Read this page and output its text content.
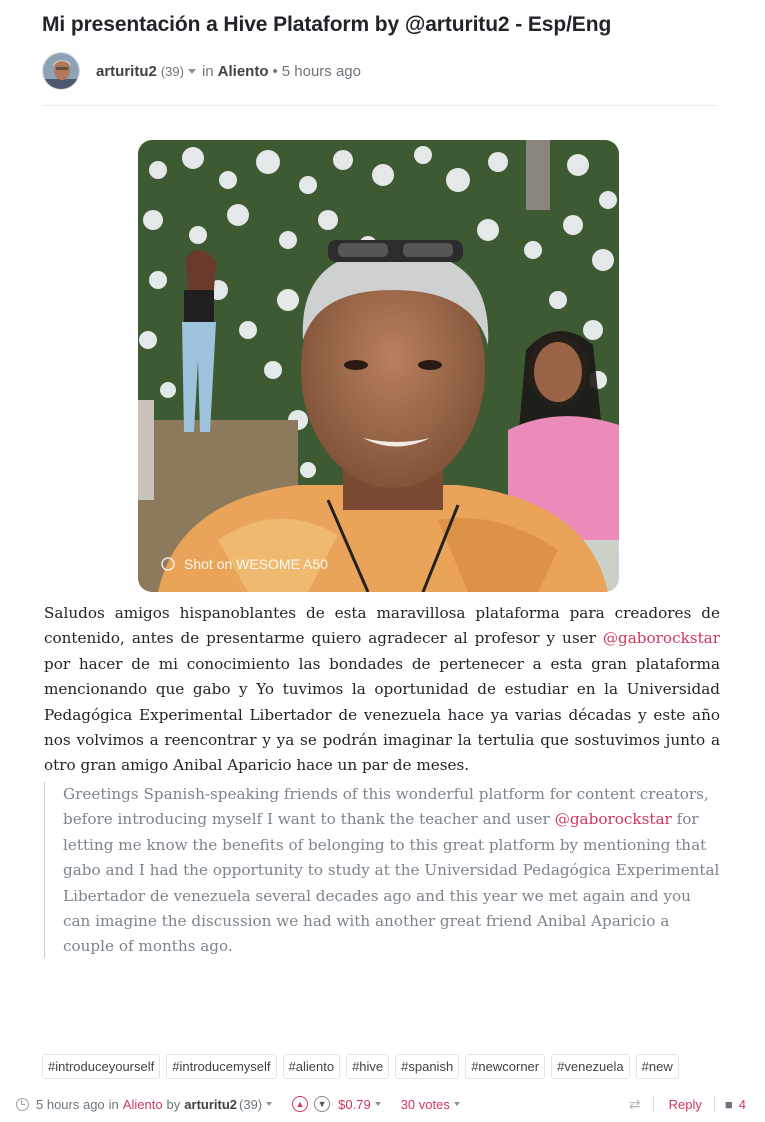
Mi presentación a Hive Plataform by @arturitu2 - Esp/Eng
arturitu2 (39) in Aliento • 5 hours ago
Shot on WESOME A50

Saludos amigos hispanoblantes de esta maravillosa plataforma para creadores de contenido, antes de presentarme quiero agradecer al profesor y user @gaborockstar por hacer de mi conocimiento las bondades de pertenecer a esta gran plataforma mencionando que gabo y Yo tuvimos la oportunidad de estudiar en la Universidad Pedagógica Experimental Libertador de venezuela hace ya varias décadas y este año nos volvimos a reencontrar y ya se podrán imaginar la tertulia que sostuvimos junto a otro gran amigo Anibal Aparicio hace un par de meses.

Greetings Spanish-speaking friends of this wonderful platform for content creators, before introducing myself I want to thank the teacher and user @gaborockstar for letting me know the benefits of belonging to this great platform by mentioning that gabo and I had the opportunity to study at the Universidad Pedagógica Experimental Libertador de venezuela several decades ago and this year we met again and you can imagine the discussion we had with another great friend Anibal Aparicio a couple of months ago.
#introduceyourself	#introducemyself	#aliento	#hive	#spanish	#newcorner	#venezuela	#new
5 hours ago in Aliento by arturitu2 (39)	▲	▼ $0.79 30 votes	⇄ Reply ■ 4
